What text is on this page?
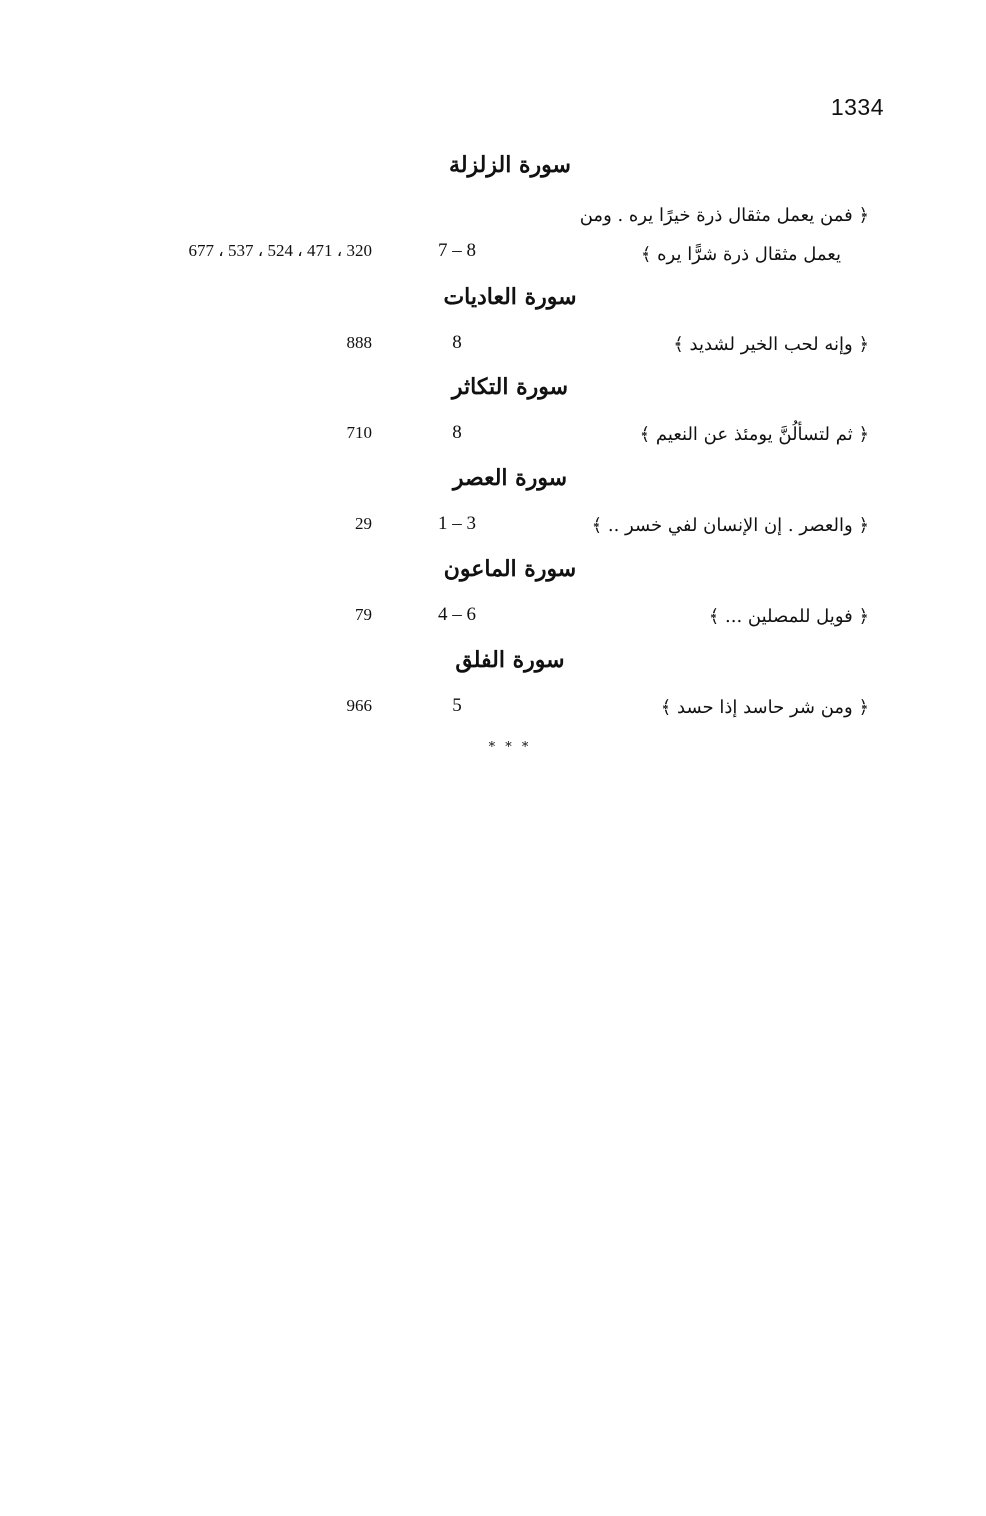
1334
سورة الزلزلة
﴿ فمن يعمل مثقال ذرة خيرًا يره . ومن
يعمل مثقال ذرة شرًّا يره ﴾
7 – 8
320 ، 471 ، 524 ، 537 ، 677
سورة العاديات
﴿ وإنه لحب الخير لشديد ﴾
8
888
سورة التكاثر
﴿ ثم لتسألُنَّ يومئذ عن النعيم ﴾
8
710
سورة العصر
﴿ والعصر . إن الإنسان لفي خسر .. ﴾
1 – 3
29
سورة الماعون
﴿ فويل للمصلين ... ﴾
4 – 6
79
سورة الفلق
﴿ ومن شر حاسد إذا حسد ﴾
5
966
* * *
